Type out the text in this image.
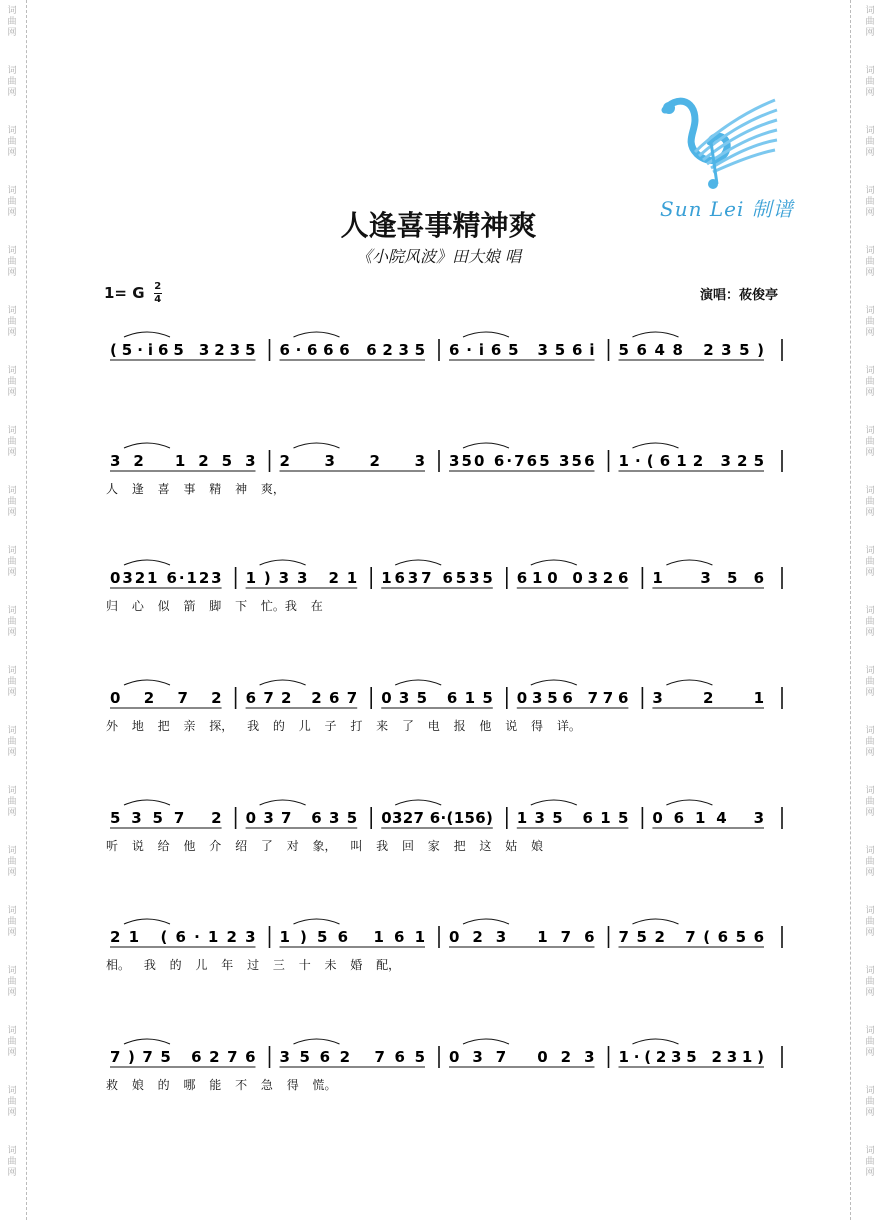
词
曲
网
词
曲
网
词
曲
网
词
曲
网
词
曲
网
词
曲
网
词
曲
网
词
曲
网
词
曲
网
词
曲
网
词
曲
网
词
曲
网
词
曲
网
词
曲
网
词
曲
网
词
曲
网
词
曲
网
词
曲
网
词
曲
网
词
曲
网
词
曲
网
词
曲
网
词
曲
网
词
曲
网
词
曲
网
词
曲
网
词
曲
网
词
曲
网
词
曲
网
词
曲
网
词
曲
网
词
曲
网
词
曲
网
词
曲
网
词
曲
网
词
曲
网
词
曲
网
词
曲
网
词
曲
网
词
曲
网
Sun Lei 制谱
人逢喜事精神爽
《小院风波》田大娘 唱
1= G $\frac{2}{4}$	演唱：莜俊亭
(5·i̇65 3235 6·666 6235 6·i̇65 356i̇ 5648 235)
32 1253 2323 350 6·765 356 1·(612 325
0321 6·123 1)33 21 1637 6535 610 0326 1 356
0272 672 267 035 615 0356 776 321
5357 2 037 635 0327 6·(156) 135 615 0614 3
21 (6·123 1)56 161 023 176 752 7(656
7)75 6276 3562 765 037 023 1·(235 231)
人 逢 喜 事 精 神 爽，
归 心 似 箭 脚 下 忙。我 在
外 地 把 亲 探， 我 的 儿 子 打 来 了 电 报 他 说 得 详。
听 说 给 他 介 绍 了 对 象， 叫 我 回 家 把 这 姑 娘
相。 我 的 儿 年 过 三 十 未 婚 配，
救 娘 的 哪 能 不 急 得 慌。
